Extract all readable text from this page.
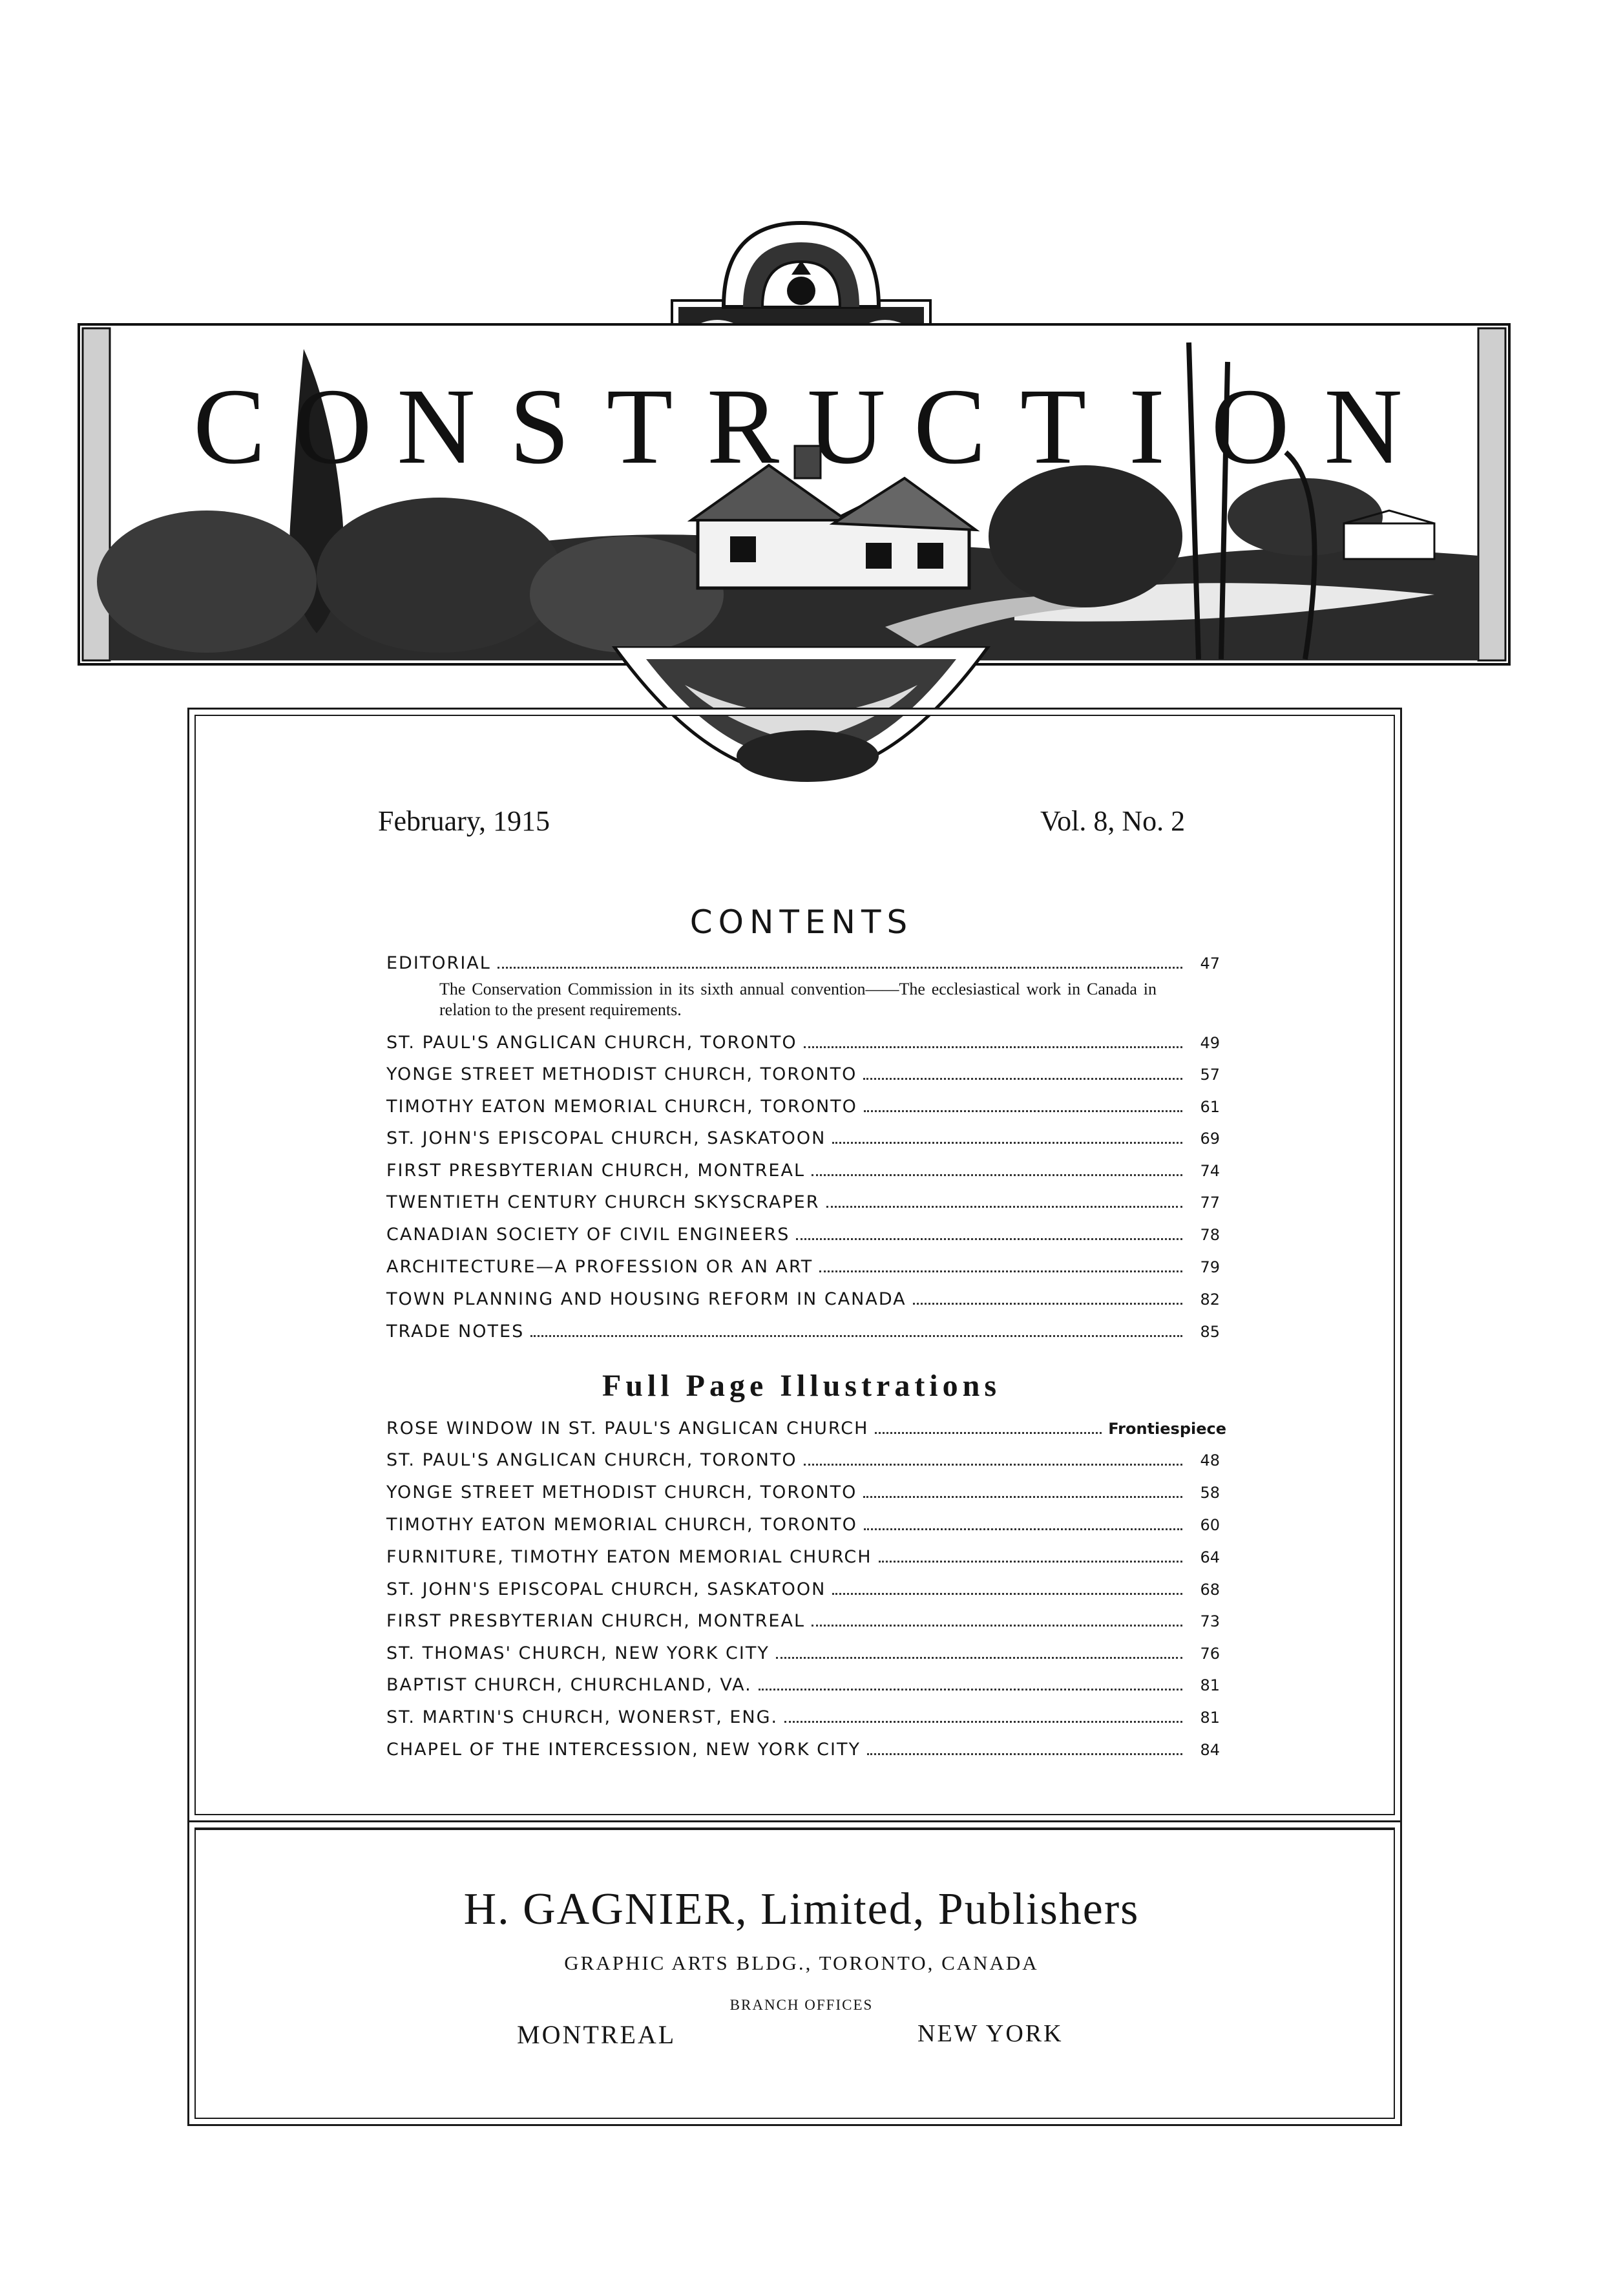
C O N S T R U C T I O N
February, 1915	Vol. 8, No. 2
CONTENTS
EDITORIAL	47
The Conservation Commission in its sixth annual convention——The ecclesiastical work in Canada in relation to the present requirements.
ST. PAUL'S ANGLICAN CHURCH, TORONTO	49
YONGE STREET METHODIST CHURCH, TORONTO	57
TIMOTHY EATON MEMORIAL CHURCH, TORONTO	61
ST. JOHN'S EPISCOPAL CHURCH, SASKATOON	69
FIRST PRESBYTERIAN CHURCH, MONTREAL	74
TWENTIETH CENTURY CHURCH SKYSCRAPER	77
CANADIAN SOCIETY OF CIVIL ENGINEERS	78
ARCHITECTURE—A PROFESSION OR AN ART	79
TOWN PLANNING AND HOUSING REFORM IN CANADA	82
TRADE NOTES	85
Full Page Illustrations
ROSE WINDOW IN ST. PAUL'S ANGLICAN CHURCH	Frontiespiece
ST. PAUL'S ANGLICAN CHURCH, TORONTO	48
YONGE STREET METHODIST CHURCH, TORONTO	58
TIMOTHY EATON MEMORIAL CHURCH, TORONTO	60
FURNITURE, TIMOTHY EATON MEMORIAL CHURCH	64
ST. JOHN'S EPISCOPAL CHURCH, SASKATOON	68
FIRST PRESBYTERIAN CHURCH, MONTREAL	73
ST. THOMAS' CHURCH, NEW YORK CITY	76
BAPTIST CHURCH, CHURCHLAND, VA.	81
ST. MARTIN'S CHURCH, WONERST, ENG.	81
CHAPEL OF THE INTERCESSION, NEW YORK CITY	84
H. GAGNIER, Limited, Publishers
GRAPHIC ARTS BLDG., TORONTO, CANADA
BRANCH OFFICES
MONTREAL	NEW YORK
